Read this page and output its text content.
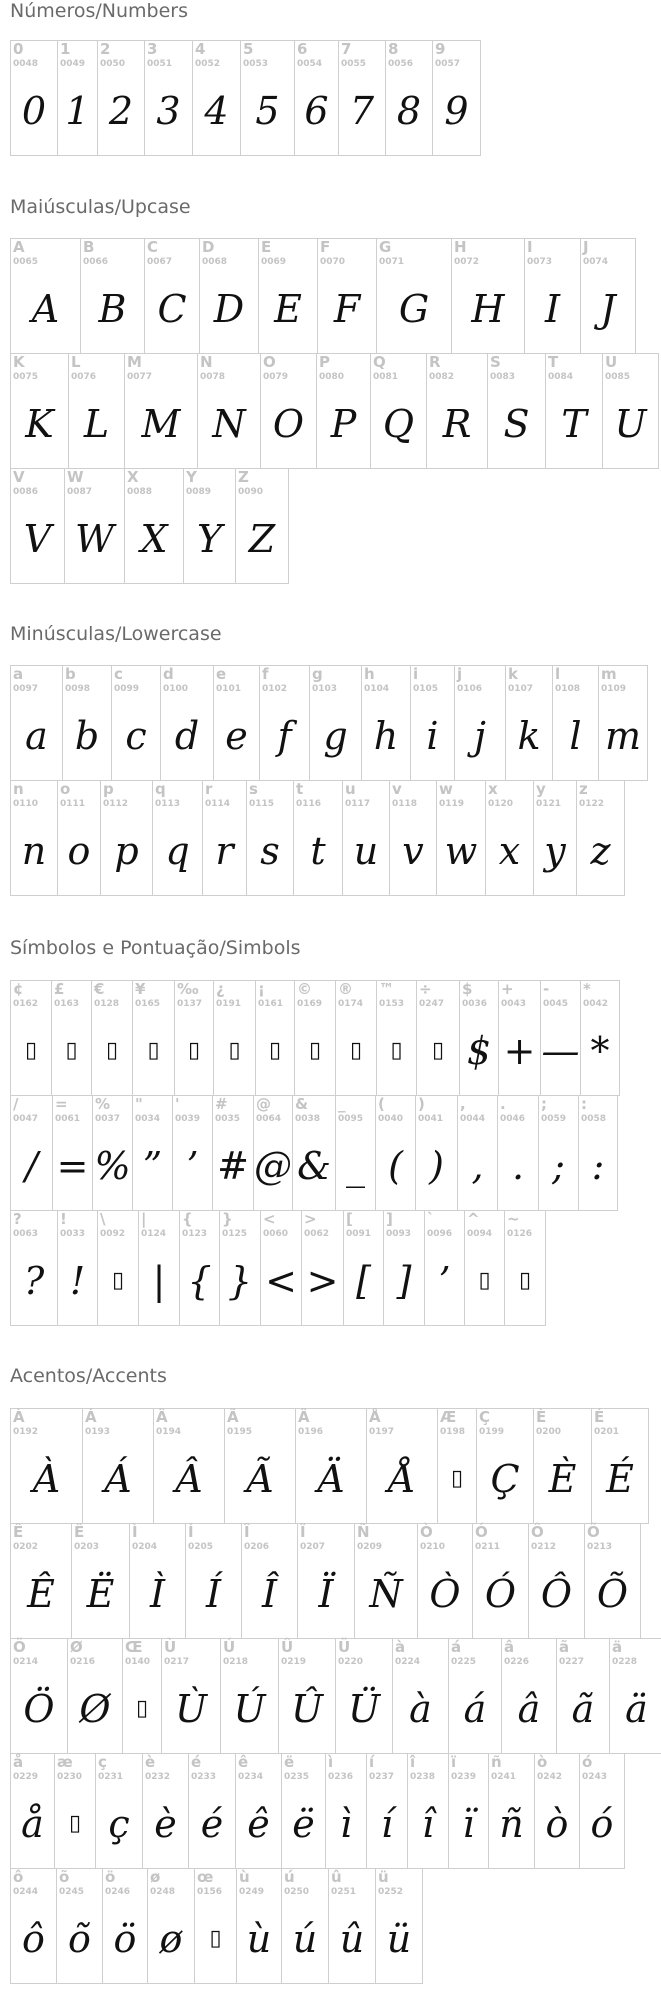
Números/Numbers
0
0048
0
1
0049
1
2
0050
2
3
0051
3
4
0052
4
5
0053
5
6
0054
6
7
0055
7
8
0056
8
9
0057
9
Maiúsculas/Upcase
A
0065
A
B
0066
B
C
0067
C
D
0068
D
E
0069
E
F
0070
F
G
0071
G
H
0072
H
I
0073
I
J
0074
J
K
0075
K
L
0076
L
M
0077
M
N
0078
N
O
0079
O
P
0080
P
Q
0081
Q
R
0082
R
S
0083
S
T
0084
T
U
0085
U
V
0086
V
W
0087
W
X
0088
X
Y
0089
Y
Z
0090
Z
Minúsculas/Lowercase
a
0097
a
b
0098
b
c
0099
c
d
0100
d
e
0101
e
f
0102
f
g
0103
g
h
0104
h
i
0105
i
j
0106
j
k
0107
k
l
0108
l
m
0109
m
n
0110
n
o
0111
o
p
0112
p
q
0113
q
r
0114
r
s
0115
s
t
0116
t
u
0117
u
v
0118
v
w
0119
w
x
0120
x
y
0121
y
z
0122
z
Símbolos e Pontuação/Simbols
¢
0162
▯
£
0163
▯
€
0128
▯
¥
0165
▯
‰
0137
▯
¿
0191
▯
¡
0161
▯
©
0169
▯
®
0174
▯
™
0153
▯
÷
0247
▯
$
0036
$
+
0043
+
-
0045
—
*
0042
*
/
0047
/
=
0061
=
%
0037
%
"
0034
”
'
0039
’
#
0035
#
@
0064
@
&
0038
&
_
0095
_
(
0040
(
)
0041
)
,
0044
,
.
0046
.
;
0059
;
:
0058
:
?
0063
?
!
0033
!
\
0092
▯
|
0124
|
{
0123
{
}
0125
}
<
0060
<
>
0062
>
[
0091
[
]
0093
]
`
0096
’
^
0094
▯
~
0126
▯
Acentos/Accents
À
0192
À
Á
0193
Á
Â
0194
Â
Ã
0195
Ã
Ä
0196
Ä
Å
0197
Å
Æ
0198
▯
Ç
0199
Ç
È
0200
È
É
0201
É
Ê
0202
Ê
Ë
0203
Ë
Ì
0204
Ì
Í
0205
Í
Î
0206
Î
Ï
0207
Ï
Ñ
0209
Ñ
Ò
0210
Ò
Ó
0211
Ó
Ô
0212
Ô
Õ
0213
Õ
Ö
0214
Ö
Ø
0216
Ø
Œ
0140
▯
Ù
0217
Ù
Ú
0218
Ú
Û
0219
Û
Ü
0220
Ü
à
0224
à
á
0225
á
â
0226
â
ã
0227
ã
ä
0228
ä
å
0229
å
æ
0230
▯
ç
0231
ç
è
0232
è
é
0233
é
ê
0234
ê
ë
0235
ë
ì
0236
ì
í
0237
í
î
0238
î
ï
0239
ï
ñ
0241
ñ
ò
0242
ò
ó
0243
ó
ô
0244
ô
õ
0245
õ
ö
0246
ö
ø
0248
ø
œ
0156
▯
ù
0249
ù
ú
0250
ú
û
0251
û
ü
0252
ü
